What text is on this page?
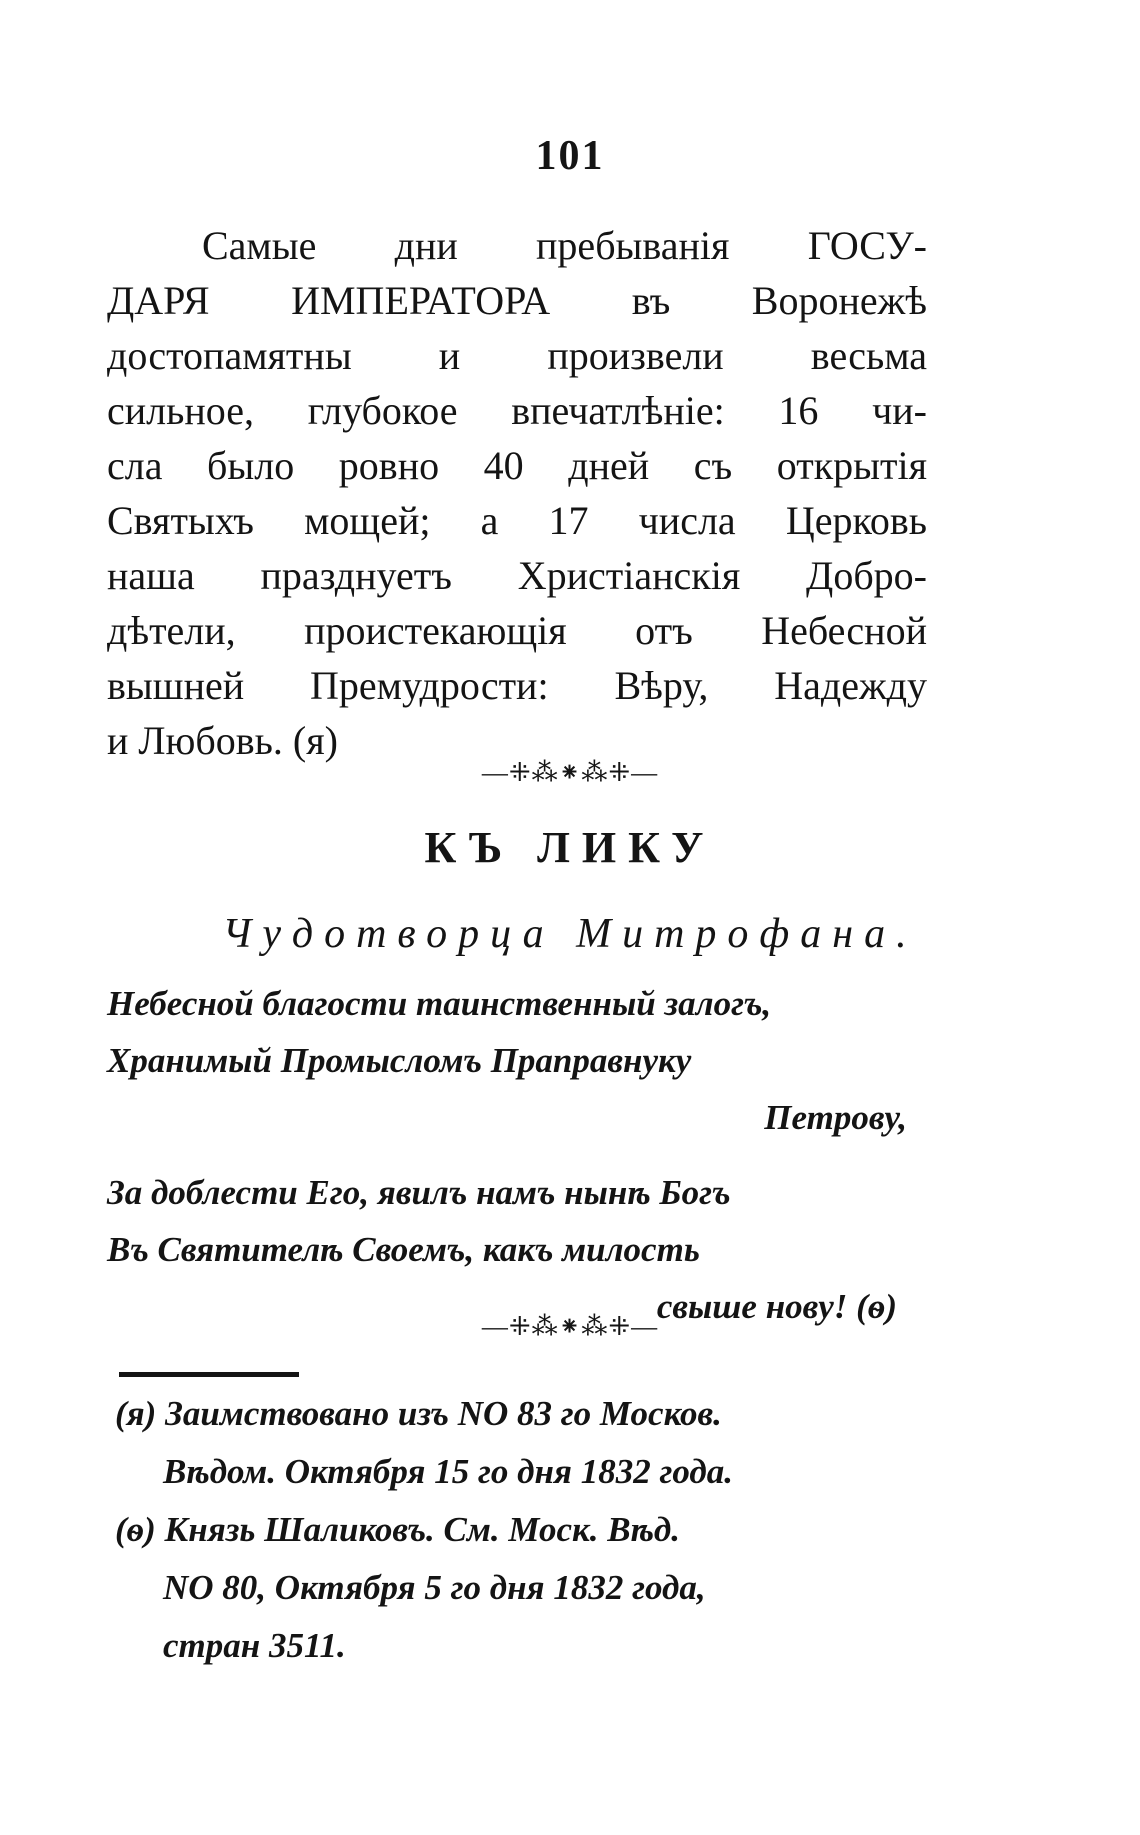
101
Самые дни пребыванія ГОСУ-
ДАРЯ ИМПЕРАТОРА въ Воронежѣ
достопамятны и произвели весьма
сильное, глубокое впечатлѣніе: 16 чи-
сла было ровно 40 дней съ открытія
Святыхъ мощей; а 17 числа Церковь
наша празднуетъ Христіанскія Добро-
дѣтели, проистекающія отъ Небесной
вышней Премудрости: Вѣру, Надежду
и Любовь. (я)
—⁜⁂⁕⁂⁜—
КЪ ЛИКУ
Чудотворца Митрофана.
Небесной благости таинственный залогъ,
Хранимый Промысломъ Праправнуку
Петрову,
За доблести Его, явилъ намъ нынѣ Богъ
Въ Святителѣ Своемъ, какъ милость
свыше нову! (ѳ)
—⁜⁂⁕⁂⁜—
(я) Заимствовано изъ NO 83 го Москов.
Вѣдом. Октября 15 го дня 1832 года.
(ѳ) Князь Шаликовъ. См. Моск. Вѣд.
NO 80, Октября 5 го дня 1832 года,
стран 3511.
